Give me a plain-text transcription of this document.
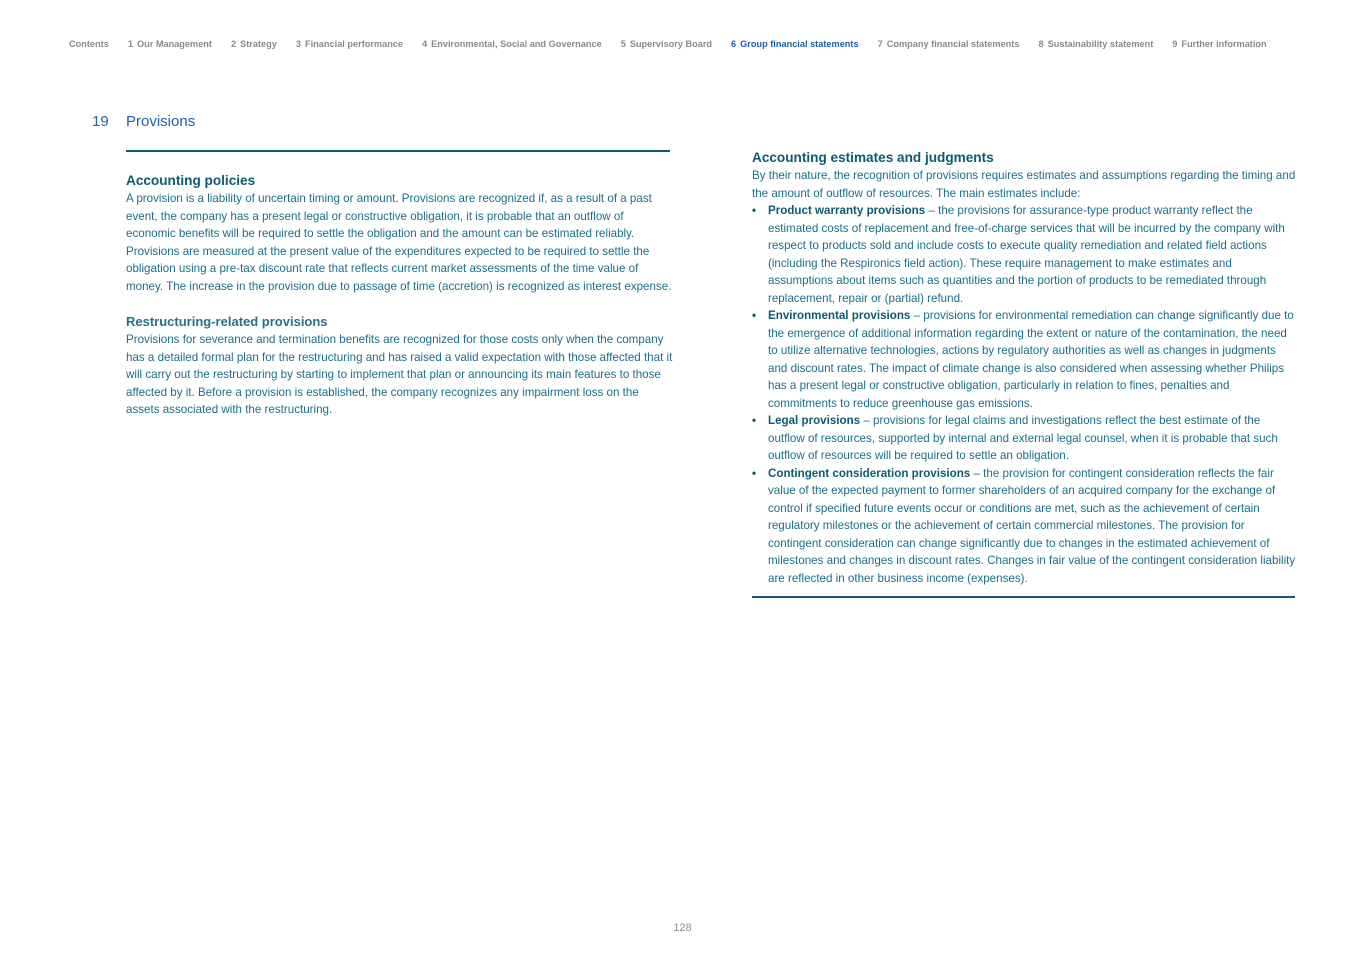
Contents 1 Our Management 2 Strategy 3 Financial performance 4 Environmental, Social and Governance 5 Supervisory Board 6 Group financial statements 7 Company financial statements 8 Sustainability statement 9 Further information
19 Provisions
Accounting policies

A provision is a liability of uncertain timing or amount. Provisions are recognized if, as a result of a past event, the company has a present legal or constructive obligation, it is probable that an outflow of economic benefits will be required to settle the obligation and the amount can be estimated reliably. Provisions are measured at the present value of the expenditures expected to be required to settle the obligation using a pre-tax discount rate that reflects current market assessments of the time value of money. The increase in the provision due to passage of time (accretion) is recognized as interest expense.

Restructuring-related provisions

Provisions for severance and termination benefits are recognized for those costs only when the company has a detailed formal plan for the restructuring and has raised a valid expectation with those affected that it will carry out the restructuring by starting to implement that plan or announcing its main features to those affected by it. Before a provision is established, the company recognizes any impairment loss on the assets associated with the restructuring.

Accounting estimates and judgments

By their nature, the recognition of provisions requires estimates and assumptions regarding the timing and the amount of outflow of resources. The main estimates include:

• Product warranty provisions – the provisions for assurance-type product warranty reflect the estimated costs of replacement and free-of-charge services that will be incurred by the company with respect to products sold and include costs to execute quality remediation and related field actions (including the Respironics field action). These require management to make estimates and assumptions about items such as quantities and the portion of products to be remediated through replacement, repair or (partial) refund.
• Environmental provisions – provisions for environmental remediation can change significantly due to the emergence of additional information regarding the extent or nature of the contamination, the need to utilize alternative technologies, actions by regulatory authorities as well as changes in judgments and discount rates. The impact of climate change is also considered when assessing whether Philips has a present legal or constructive obligation, particularly in relation to fines, penalties and commitments to reduce greenhouse gas emissions.
• Legal provisions – provisions for legal claims and investigations reflect the best estimate of the outflow of resources, supported by internal and external legal counsel, when it is probable that such outflow of resources will be required to settle an obligation.
• Contingent consideration provisions – the provision for contingent consideration reflects the fair value of the expected payment to former shareholders of an acquired company for the exchange of control if specified future events occur or conditions are met, such as the achievement of certain regulatory milestones or the achievement of certain commercial milestones. The provision for contingent consideration can change significantly due to changes in the estimated achievement of milestones and changes in discount rates. Changes in fair value of the contingent consideration liability are reflected in other business income (expenses).
128
